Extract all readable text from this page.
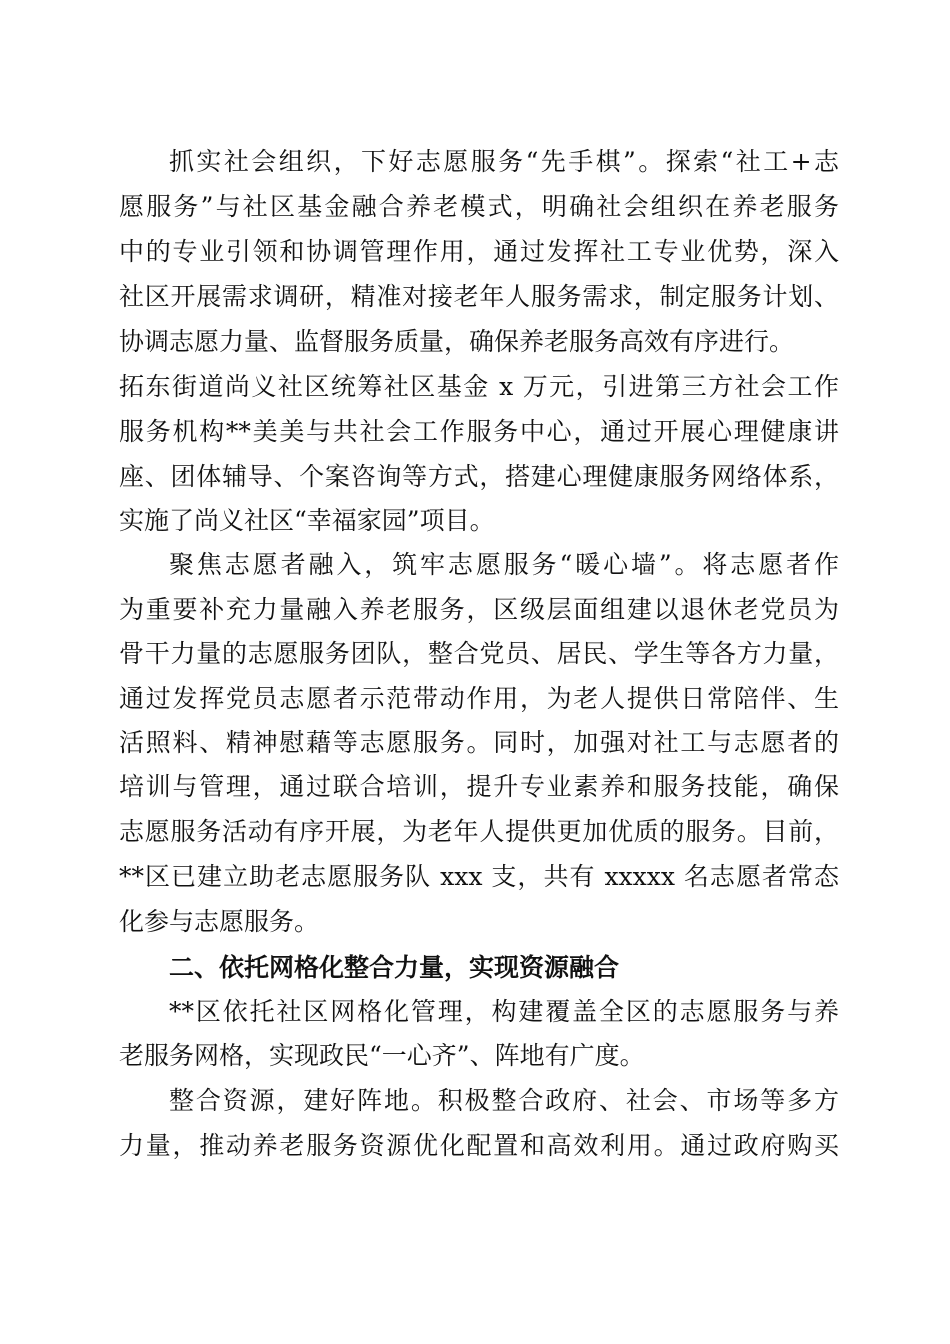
抓实社会组织，下好志愿服务“先手棋”。探索“社工+志
愿服务”与社区基金融合养老模式，明确社会组织在养老服务
中的专业引领和协调管理作用，通过发挥社工专业优势，深入
社区开展需求调研，精准对接老年人服务需求，制定服务计划、
协调志愿力量、监督服务质量，确保养老服务高效有序进行。
拓东街道尚义社区统筹社区基金 x 万元，引进第三方社会工作
服务机构**美美与共社会工作服务中心，通过开展心理健康讲
座、团体辅导、个案咨询等方式，搭建心理健康服务网络体系，
实施了尚义社区“幸福家园”项目。
聚焦志愿者融入，筑牢志愿服务“暖心墙”。将志愿者作
为重要补充力量融入养老服务，区级层面组建以退休老党员为
骨干力量的志愿服务团队，整合党员、居民、学生等各方力量，
通过发挥党员志愿者示范带动作用，为老人提供日常陪伴、生
活照料、精神慰藉等志愿服务。同时，加强对社工与志愿者的
培训与管理，通过联合培训，提升专业素养和服务技能，确保
志愿服务活动有序开展，为老年人提供更加优质的服务。目前，
**区已建立助老志愿服务队 xxx 支，共有 xxxxx 名志愿者常态
化参与志愿服务。
二、依托网格化整合力量，实现资源融合
**区依托社区网格化管理，构建覆盖全区的志愿服务与养
老服务网格，实现政民“一心齐”、阵地有广度。
整合资源，建好阵地。积极整合政府、社会、市场等多方
力量，推动养老服务资源优化配置和高效利用。通过政府购买
